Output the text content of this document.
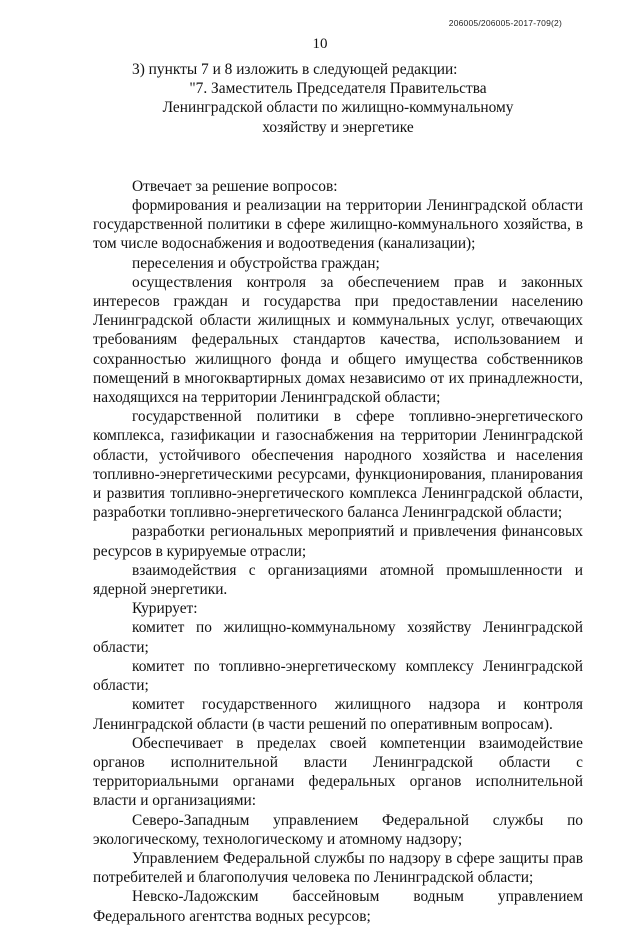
206005/206005-2017-709(2)
10

3) пункты 7 и 8 изложить в следующей редакции:

"7. Заместитель Председателя Правительства
Ленинградской области по жилищно-коммунальному
хозяйству и энергетике

Отвечает за решение вопросов:

формирования и реализации на территории Ленинградской области государственной политики в сфере жилищно-коммунального хозяйства, в том числе водоснабжения и водоотведения (канализации);

переселения и обустройства граждан;

осуществления контроля за обеспечением прав и законных интересов граждан и государства при предоставлении населению Ленинградской области жилищных и коммунальных услуг, отвечающих требованиям федеральных стандартов качества, использованием и сохранностью жилищного фонда и общего имущества собственников помещений в многоквартирных домах независимо от их принадлежности, находящихся на территории Ленинградской области;

государственной политики в сфере топливно-энергетического комплекса, газификации и газоснабжения на территории Ленинградской области, устойчивого обеспечения народного хозяйства и населения топливно-энергетическими ресурсами, функционирования, планирования и развития топливно-энергетического комплекса Ленинградской области, разработки топливно-энергетического баланса Ленинградской области;

разработки региональных мероприятий и привлечения финансовых ресурсов в курируемые отрасли;

взаимодействия с организациями атомной промышленности и ядерной энергетики.

Курирует:

комитет по жилищно-коммунальному хозяйству Ленинградской области;

комитет по топливно-энергетическому комплексу Ленинградской области;

комитет государственного жилищного надзора и контроля Ленинградской области (в части решений по оперативным вопросам).

Обеспечивает в пределах своей компетенции взаимодействие органов исполнительной власти Ленинградской области с территориальными органами федеральных органов исполнительной власти и организациями:

Северо-Западным управлением Федеральной службы по экологическому, технологическому и атомному надзору;

Управлением Федеральной службы по надзору в сфере защиты прав потребителей и благополучия человека по Ленинградской области;

Невско-Ладожским бассейновым водным управлением Федерального агентства водных ресурсов;
